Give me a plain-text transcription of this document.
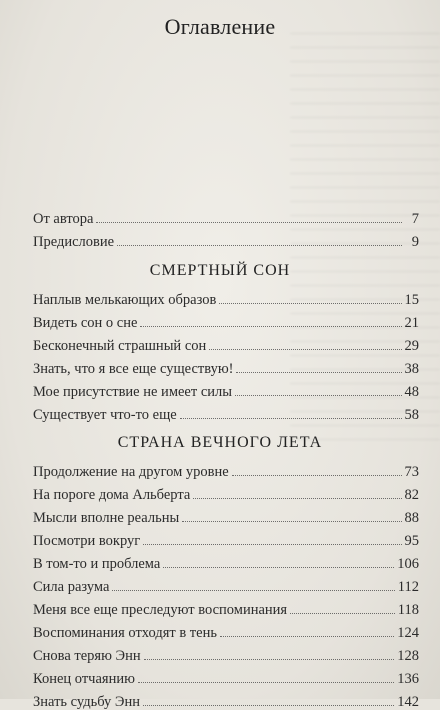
Оглавление
От автора	7
Предисловие	9
СМЕРТНЫЙ СОН
Наплыв мелькающих образов	15
Видеть сон о сне	21
Бесконечный страшный сон	29
Знать, что я все еще существую!	38
Мое присутствие не имеет силы	48
Существует что-то еще	58
СТРАНА ВЕЧНОГО ЛЕТА
Продолжение на другом уровне	73
На пороге дома Альберта	82
Мысли вполне реальны	88
Посмотри вокруг	95
В том-то и проблема	106
Сила разума	112
Меня все еще преследуют воспоминания	118
Воспоминания отходят в тень	124
Снова теряю Энн	128
Конец отчаянию	136
Знать судьбу Энн	142
